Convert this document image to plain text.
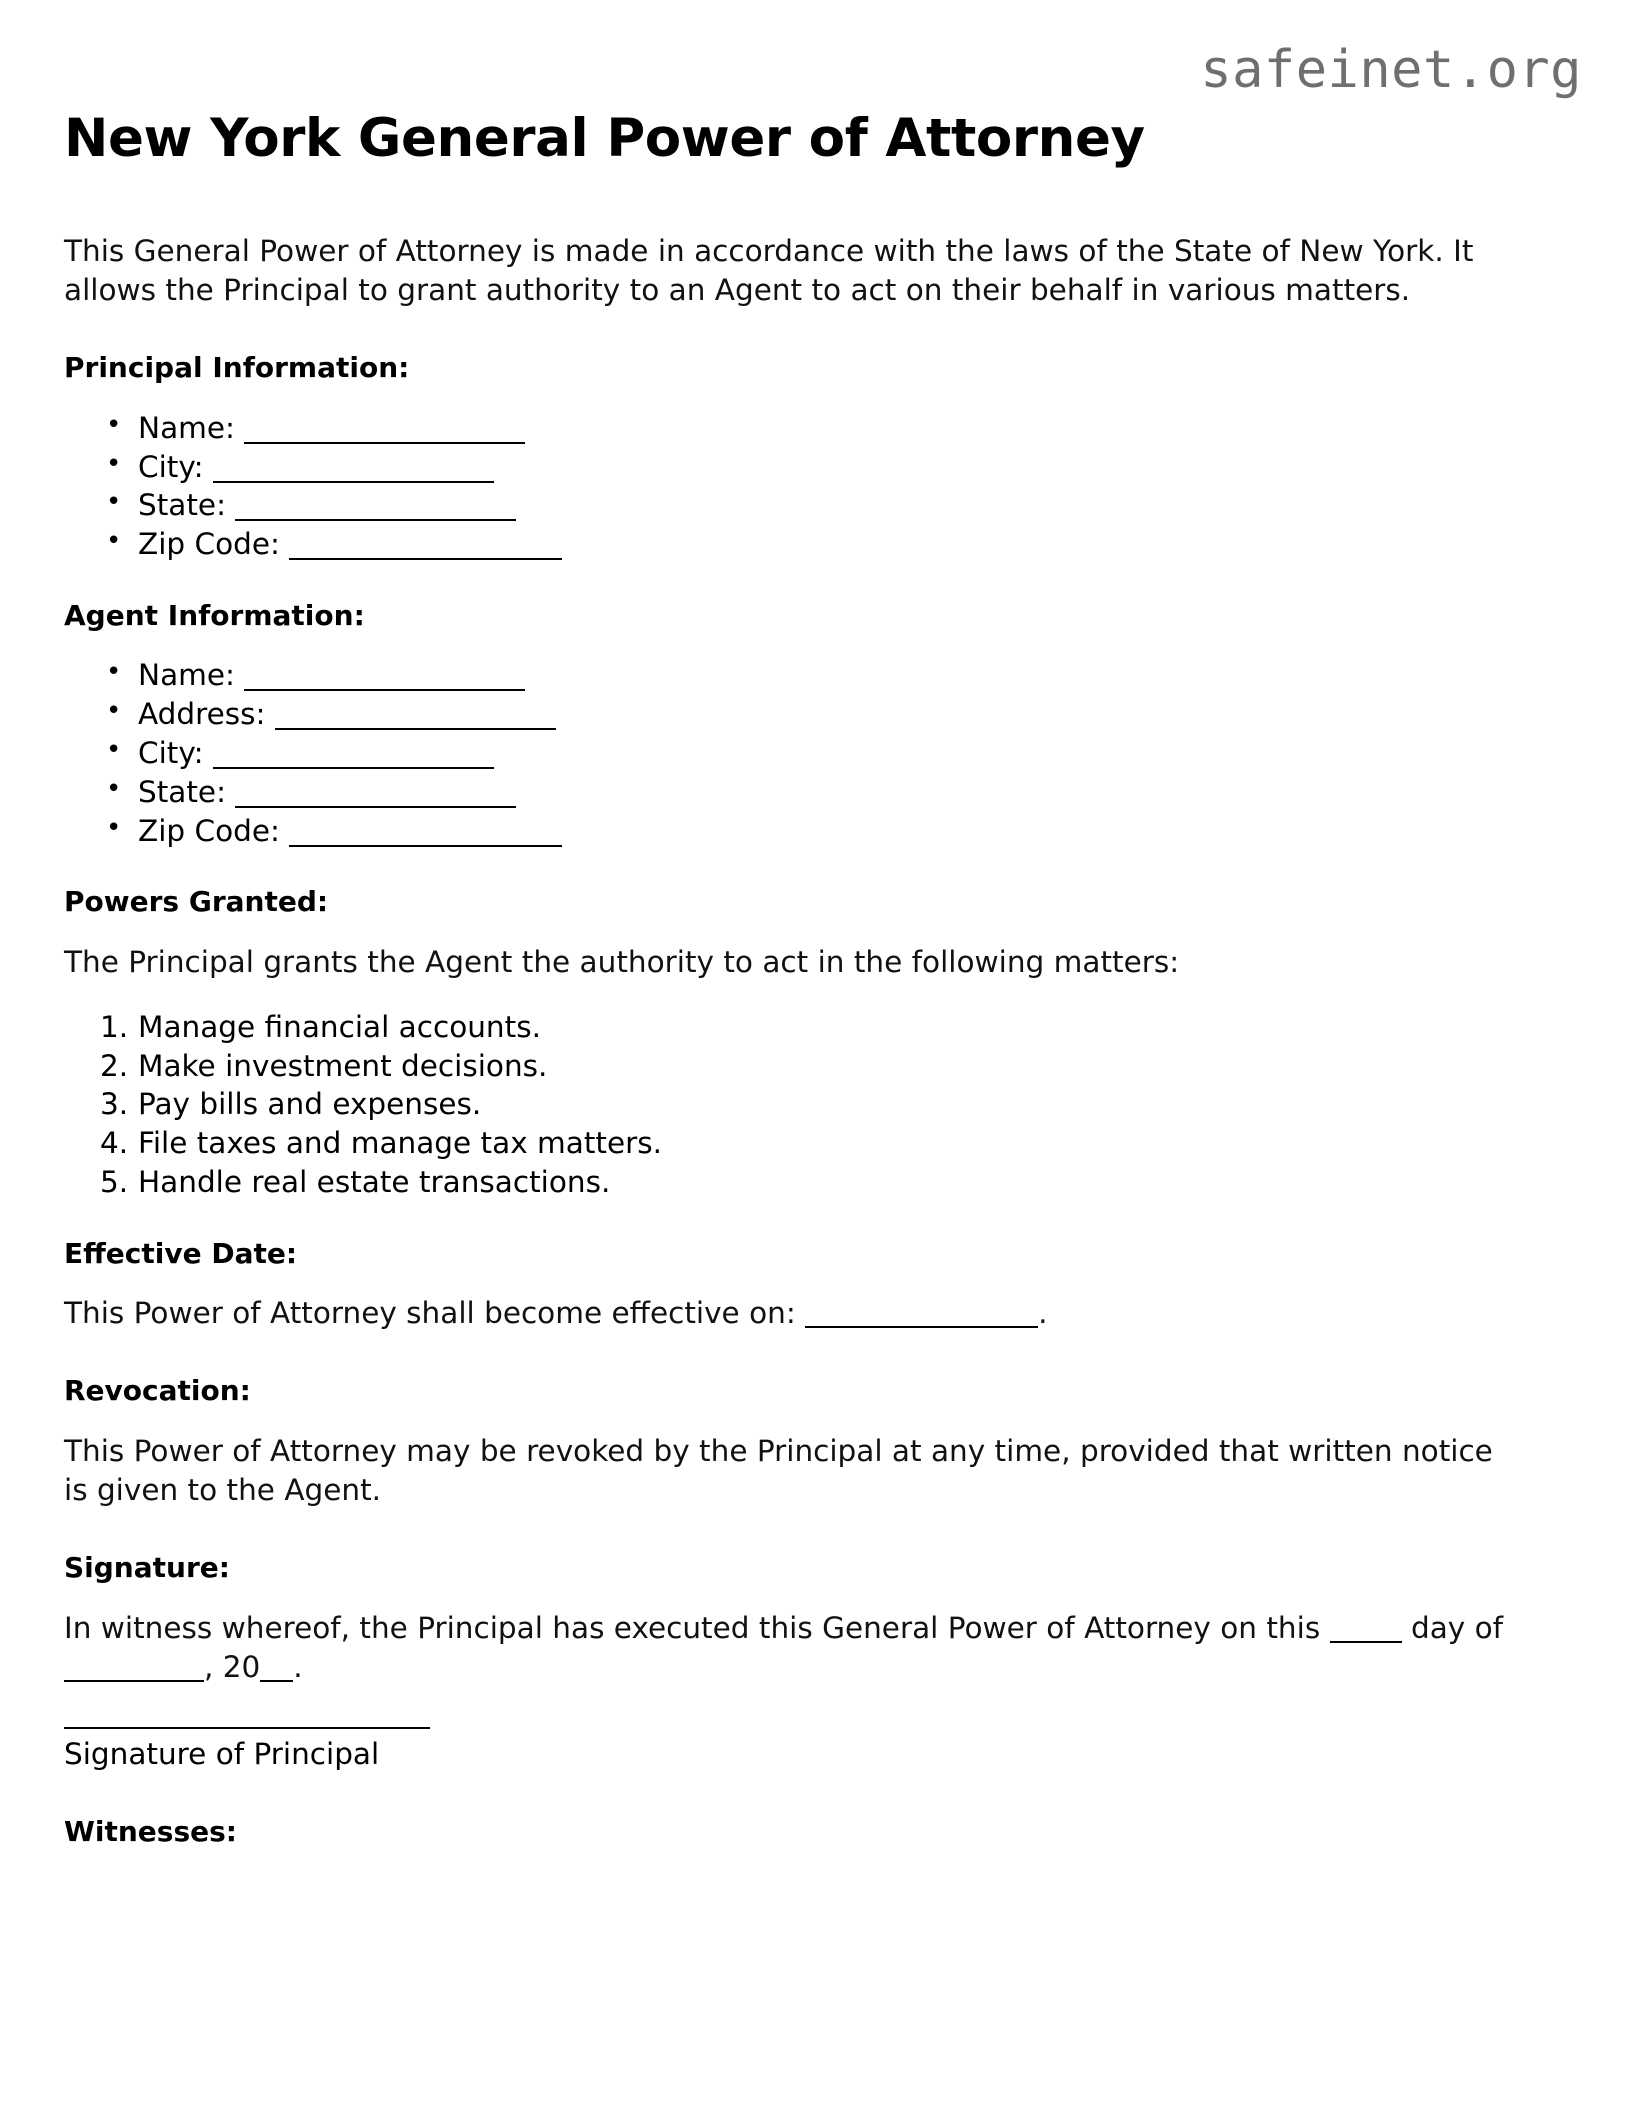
safeinet.org
New York General Power of Attorney

This General Power of Attorney is made in accordance with the laws of the State of New York. It allows the Principal to grant authority to an Agent to act on their behalf in various matters.

Principal Information:
• Name:
• City:
• State:
• Zip Code:
Agent Information:
• Name:
• Address:
• City:
• State:
• Zip Code:
Powers Granted:

The Principal grants the Agent the authority to act in the following matters:

Manage financial accounts.
Make investment decisions.
Pay bills and expenses.
File taxes and manage tax matters.
Handle real estate transactions.
Effective Date:

This Power of Attorney shall become effective on:	.

Revocation:

This Power of Attorney may be revoked by the Principal at any time, provided that written notice is given to the Agent.

Signature:

In witness whereof, the Principal has executed this General Power of Attorney on this	day of , 20 .

Signature of Principal

Witnesses:
